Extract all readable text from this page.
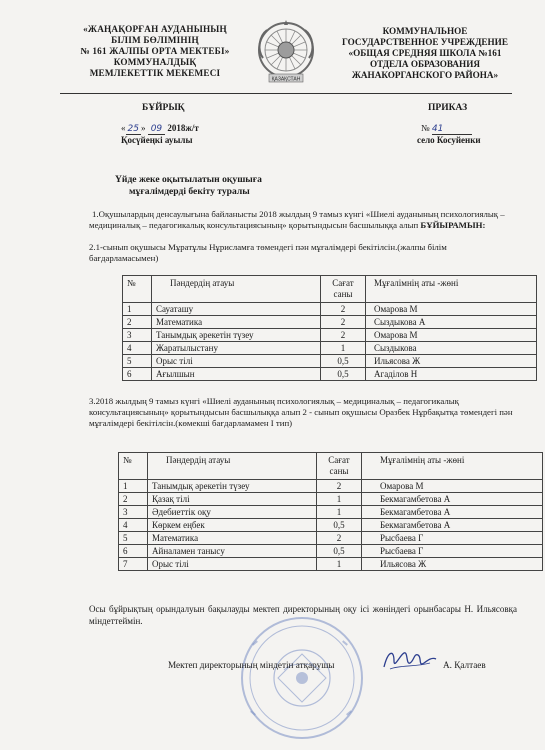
«ЖАҢАҚОРҒАН АУДАНЫНЫҢ
БІЛІМ БӨЛІМІНІҢ
№ 161 ЖАЛПЫ ОРТА МЕКТЕБІ»
КОММУНАЛДЫҚ
МЕМЛЕКЕТТІК МЕКЕМЕСІ
ҚАЗАҚСТАН
КОММУНАЛЬНОЕ
ГОСУДАРСТВЕННОЕ УЧРЕЖДЕНИЕ
«ОБЩАЯ СРЕДНЯЯ ШКОЛА №161
ОТДЕЛА ОБРАЗОВАНИЯ
ЖАНАКОРГАНСКОГО РАЙОНА»
БҰЙРЫҚ	ПРИКАЗ
« 25 » 09 2018ж/т
Қосүйеңкі ауылы
№ 41
село Косуйенки
Үйде жеке оқытылатын оқушыға
мұғалімдерді бекіту туралы
1.Оқушылардың денсаулығына байланысты 2018 жылдың 9 тамыз күнгі «Шиелі ауданының психологиялық – медициналық – педагогикалық консультациясының» қорытындысын басшылыққа алып БҰЙЫРАМЫН:
2.1-сынып оқушысы Мұратұлы Нұрисламға төмендегі пән мұғалімдері бекітілсін.(жалпы білім бағдарламасымен)
№	Пәндердің атауы	Сағат саны	Мұғалімнің аты -жөні
1	Сауаташу	2	Омарова М
2	Математика	2	Сыздыкова А
3	Танымдық әрекетін түзеу	2	Омарова М
4	Жаратылыстану	1	Сыздыкова
5	Орыс тілі	0,5	Ильясова Ж
6	Ағылшын	0,5	Агаділов Н
3.2018 жылдың 9 тамыз күнгі «Шиелі ауданының психологиялық – медициналық – педагогикалық консультациясының» қорытындысын басшылыққа алып 2 - сынып оқушысы Оразбек Нұрбақытқа төмендегі пән мұғалімдері бекітілсін.(көмекші бағдарламамен І тип)
№	Пәндердің атауы	Сағат саны	Мұғалімнің аты -жөні
1	Танымдық әрекетін түзеу	2	Омарова М
2	Қазақ тілі	1	Бекмагамбетова А
3	Әдебиеттік оқу	1	Бекмагамбетова А
4	Көркем еңбек	0,5	Бекмагамбетова А
5	Математика	2	Рысбаева Г
6	Айналамен таныcу	0,5	Рысбаева Г
7	Орыс тілі	1	Ильясова Ж
Осы бұйрықтың орындалуын бақылауды мектеп директорының оқу ісі жөніндегі орынбасары Н. Ильясовқа міндеттеймін.
Мектеп директорының міндетін атқарушы	А. Қалтаев
